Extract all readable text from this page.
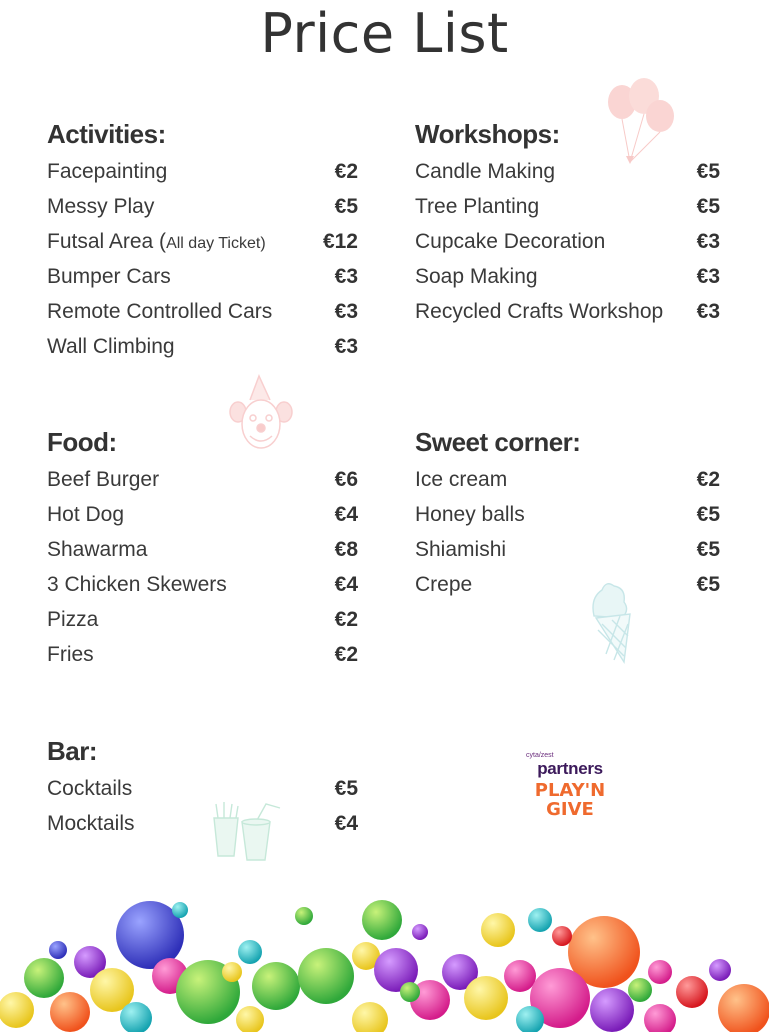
Price List
Activities:
Facepainting	€2
Messy Play	€5
Futsal Area (All day Ticket)	€12
Bumper Cars	€3
Remote Controlled Cars	€3
Wall Climbing	€3
Workshops:
Candle Making	€5
Tree Planting	€5
Cupcake Decoration	€3
Soap Making	€3
Recycled Crafts Workshop €3
Food:
Beef Burger	€6
Hot Dog	€4
Shawarma	€8
3 Chicken Skewers	€4
Pizza	€2
Fries	€2
Sweet corner:
Ice cream	€2
Honey balls	€5
Shiamishi	€5
Crepe	€5
Bar:
Cocktails	€5
Mocktails	€4
cyta/zest
partners
PLAY'N
GIVE
